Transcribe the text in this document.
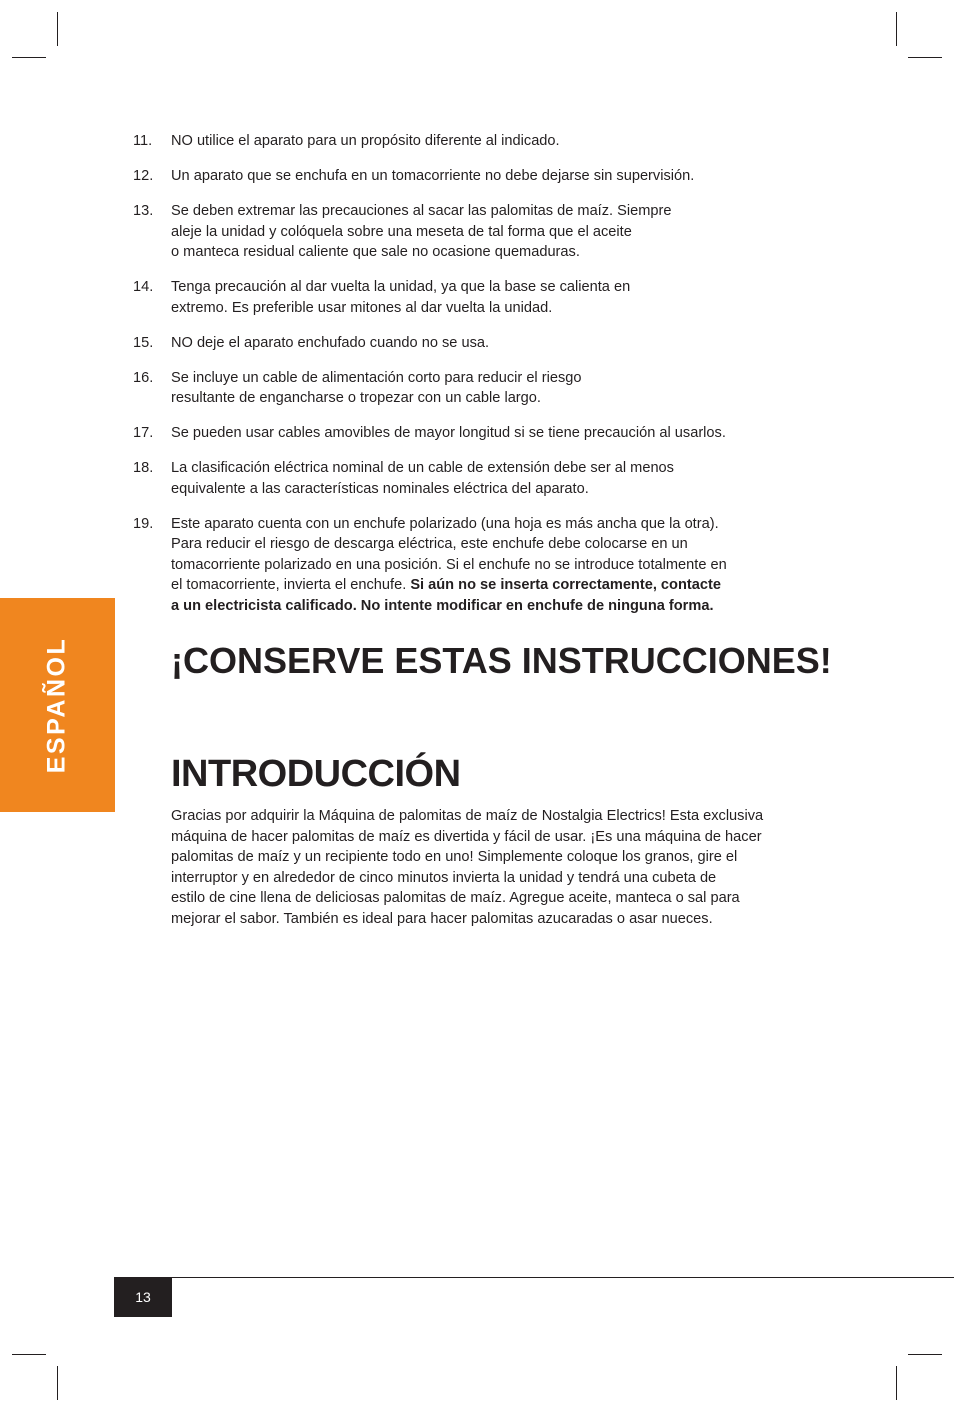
ESPAÑOL
11. NO utilice el aparato para un propósito diferente al indicado.
12. Un aparato que se enchufa en un tomacorriente no debe dejarse sin supervisión.
13. Se deben extremar las precauciones al sacar las palomitas de maíz. Siempre
aleje la unidad y colóquela sobre una meseta de tal forma que el aceite
o manteca residual caliente que sale no ocasione quemaduras.
14. Tenga precaución al dar vuelta la unidad, ya que la base se calienta en
extremo. Es preferible usar mitones al dar vuelta la unidad.
15. NO deje el aparato enchufado cuando no se usa.
16. Se incluye un cable de alimentación corto para reducir el riesgo
resultante de engancharse o tropezar con un cable largo.
17. Se pueden usar cables amovibles de mayor longitud si se tiene precaución al usarlos.
18. La clasificación eléctrica nominal de un cable de extensión debe ser al menos
equivalente a las características nominales eléctrica del aparato.
19. Este aparato cuenta con un enchufe polarizado (una hoja es más ancha que la otra).
Para reducir el riesgo de descarga eléctrica, este enchufe debe colocarse en un
tomacorriente polarizado en una posición. Si el enchufe no se introduce totalmente en
el tomacorriente, invierta el enchufe. Si aún no se inserta correctamente, contacte
a un electricista calificado. No intente modificar en enchufe de ninguna forma.
¡CONSERVE ESTAS INSTRUCCIONES!
INTRODUCCIÓN

Gracias por adquirir la Máquina de palomitas de maíz de Nostalgia Electrics! Esta exclusiva
máquina de hacer palomitas de maíz es divertida y fácil de usar. ¡Es una máquina de hacer
palomitas de maíz y un recipiente todo en uno! Simplemente coloque los granos, gire el
interruptor y en alrededor de cinco minutos invierta la unidad y tendrá una cubeta de
estilo de cine llena de deliciosas palomitas de maíz. Agregue aceite, manteca o sal para
mejorar el sabor. También es ideal para hacer palomitas azucaradas o asar nueces.

13
